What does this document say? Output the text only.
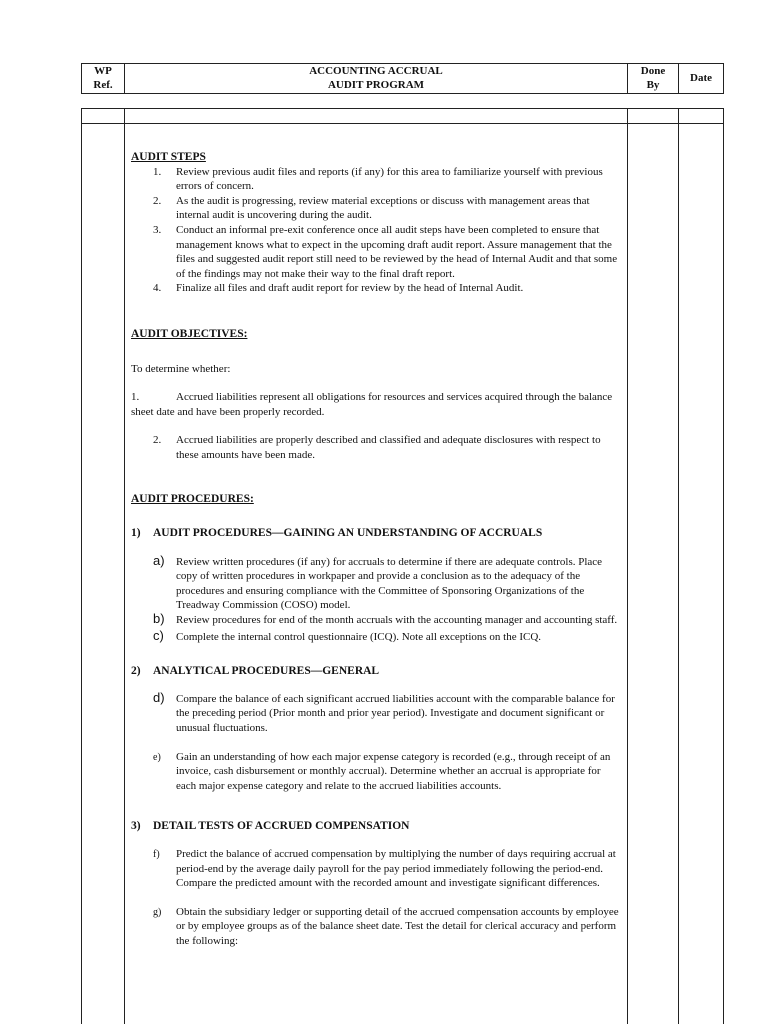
WP
Ref.
ACCOUNTING ACCRUAL
AUDIT PROGRAM
Done
By
Date

AUDIT STEPS

1. Review previous audit files and reports (if any) for this area to familiarize yourself with previous errors of concern.
2. As the audit is progressing, review material exceptions or discuss with management areas that internal audit is uncovering during the audit.
3. Conduct an informal pre-exit conference once all audit steps have been completed to ensure that management knows what to expect in the upcoming draft audit report. Assure management that the files and suggested audit report still need to be reviewed by the head of Internal Audit and that some of the findings may not make their way to the final draft report.
4. Finalize all files and draft audit report for review by the head of Internal Audit.

AUDIT OBJECTIVES:

To determine whether:

1.	Accrued liabilities represent all obligations for resources and services acquired through the balance sheet date and have been properly recorded.

2. Accrued liabilities are properly described and classified and adequate disclosures with respect to these amounts have been made.

AUDIT PROCEDURES:

1) AUDIT PROCEDURES—GAINING AN UNDERSTANDING OF ACCRUALS

a) Review written procedures (if any) for accruals to determine if there are adequate controls. Place copy of written procedures in workpaper and provide a conclusion as to the adequacy of the procedures and ensuring compliance with the Committee of Sponsoring Organizations of the Treadway Commission (COSO) model.
b) Review procedures for end of the month accruals with the accounting manager and accounting staff.
c) Complete the internal control questionnaire (ICQ). Note all exceptions on the ICQ.

2) ANALYTICAL PROCEDURES—GENERAL

d) Compare the balance of each significant accrued liabilities account with the comparable balance for the preceding period (Prior month and prior year period). Investigate and document significant or unusual fluctuations.
e) Gain an understanding of how each major expense category is recorded (e.g., through receipt of an invoice, cash disbursement or monthly accrual). Determine whether an accrual is appropriate for each major expense category and relate to the accrued liabilities accounts.

3) DETAIL TESTS OF ACCRUED COMPENSATION

f) Predict the balance of accrued compensation by multiplying the number of days requiring accrual at period-end by the average daily payroll for the pay period immediately following the period-end. Compare the predicted amount with the recorded amount and investigate significant differences.
g) Obtain the subsidiary ledger or supporting detail of the accrued compensation accounts by employee or by employee groups as of the balance sheet date. Test the detail for clerical accuracy and perform the following:
